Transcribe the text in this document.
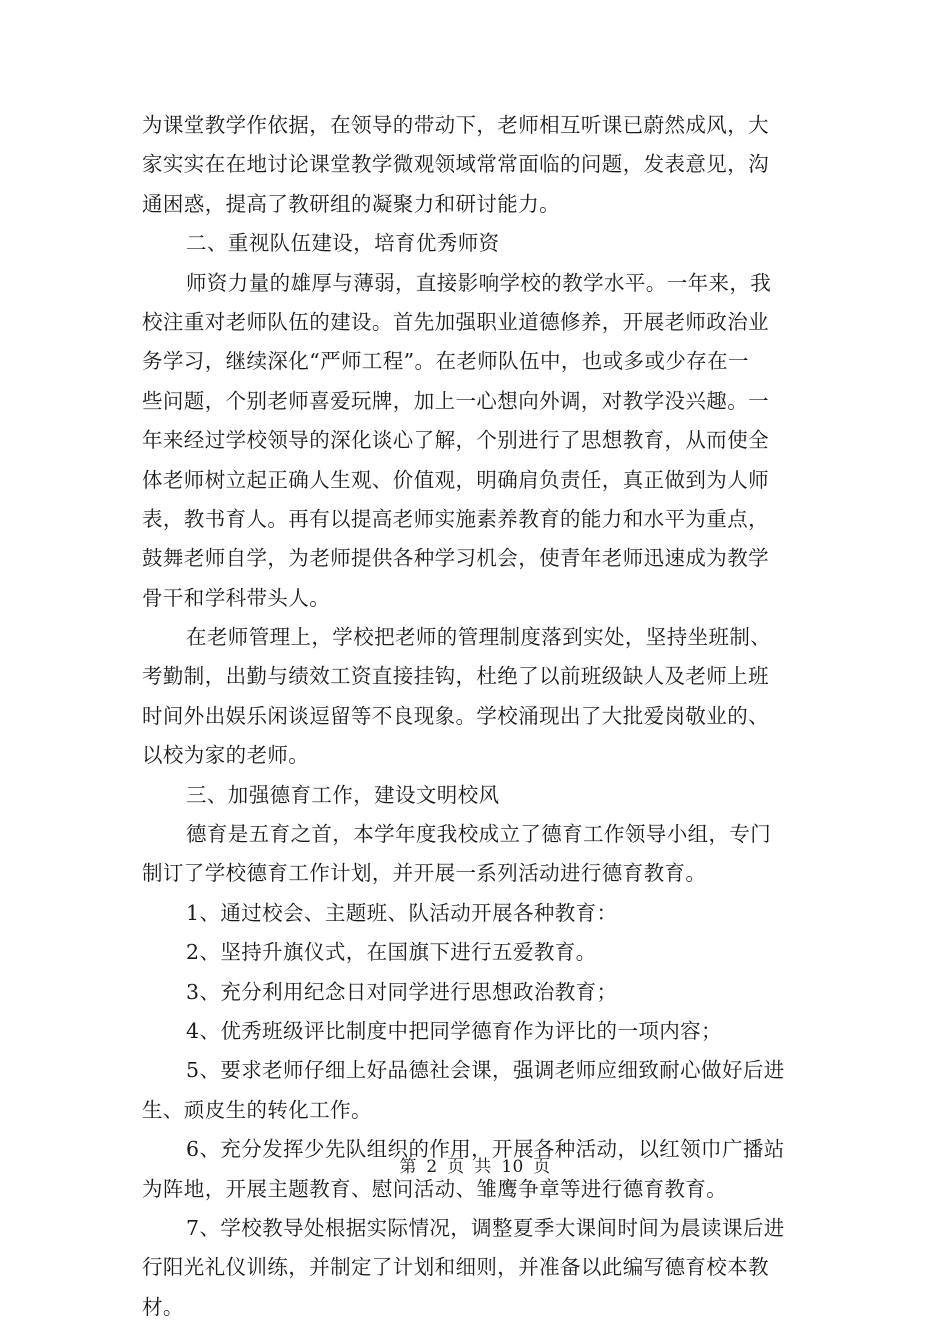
为课堂教学作依据，在领导的带动下，老师相互听课已蔚然成风，大
家实实在在地讨论课堂教学微观领域常常面临的问题，发表意见，沟
通困惑，提高了教研组的凝聚力和研讨能力。
二、重视队伍建设，培育优秀师资
师资力量的雄厚与薄弱，直接影响学校的教学水平。一年来，我
校注重对老师队伍的建设。首先加强职业道德修养，开展老师政治业
务学习，继续深化“严师工程”。在老师队伍中，也或多或少存在一
些问题，个别老师喜爱玩牌，加上一心想向外调，对教学没兴趣。一
年来经过学校领导的深化谈心了解，个别进行了思想教育，从而使全
体老师树立起正确人生观、价值观，明确肩负责任，真正做到为人师
表，教书育人。再有以提高老师实施素养教育的能力和水平为重点，
鼓舞老师自学，为老师提供各种学习机会，使青年老师迅速成为教学
骨干和学科带头人。
在老师管理上，学校把老师的管理制度落到实处，坚持坐班制、
考勤制，出勤与绩效工资直接挂钩，杜绝了以前班级缺人及老师上班
时间外出娱乐闲谈逗留等不良现象。学校涌现出了大批爱岗敬业的、
以校为家的老师。
三、加强德育工作，建设文明校风
德育是五育之首，本学年度我校成立了德育工作领导小组，专门
制订了学校德育工作计划，并开展一系列活动进行德育教育。
1、通过校会、主题班、队活动开展各种教育：
2、坚持升旗仪式，在国旗下进行五爱教育。
3、充分利用纪念日对同学进行思想政治教育；
4、优秀班级评比制度中把同学德育作为评比的一项内容；
5、要求老师仔细上好品德社会课，强调老师应细致耐心做好后进
生、顽皮生的转化工作。
6、充分发挥少先队组织的作用，开展各种活动，以红领巾广播站
为阵地，开展主题教育、慰问活动、雏鹰争章等进行德育教育。
7、学校教导处根据实际情况，调整夏季大课间时间为晨读课后进
行阳光礼仪训练，并制定了计划和细则，并准备以此编写德育校本教
材。
第 2 页 共 10 页
